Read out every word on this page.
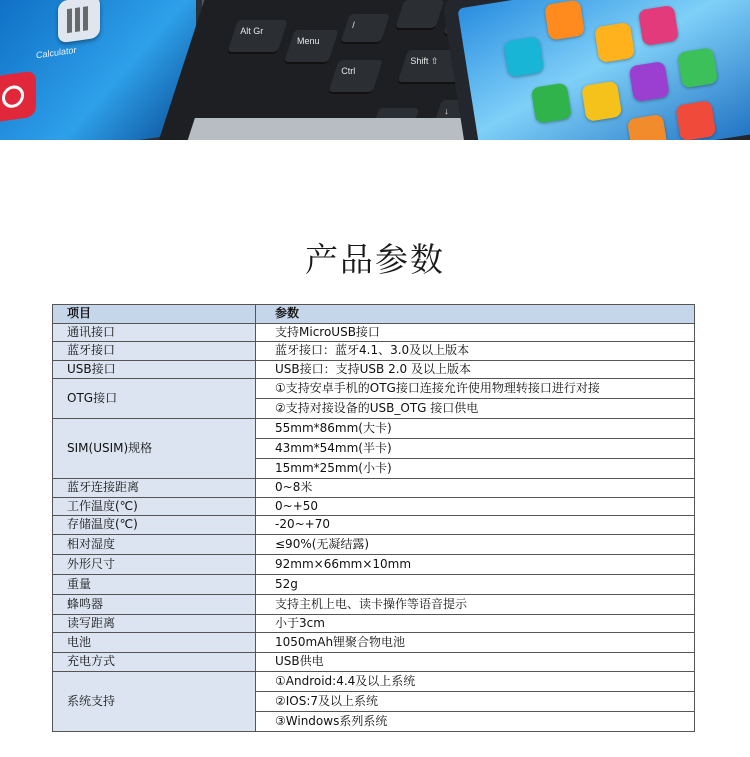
Calculator
Alt Gr
Menu
Ctrl
Shift ⇧
/
↓
产品参数
项目	参数
通讯接口	支持MicroUSB接口
蓝牙接口	蓝牙接口：蓝牙4.1、3.0及以上版本
USB接口	USB接口：支持USB 2.0 及以上版本
OTG接口	①支持安卓手机的OTG接口连接允许使用物理转接口进行对接
	②支持对接设备的USB_OTG 接口供电
SIM(USIM)规格	55mm*86mm(大卡)
	43mm*54mm(半卡)
	15mm*25mm(小卡)
蓝牙连接距离	0~8米
工作温度(℃)	0~+50
存储温度(℃)	-20~+70
相对湿度	≤90%(无凝结露)
外形尺寸	92mm×66mm×10mm
重量	52g
蜂鸣器	支持主机上电、读卡操作等语音提示
读写距离	小于3cm
电池	1050mAh锂聚合物电池
充电方式	USB供电
系统支持	①Android:4.4及以上系统
	②IOS:7及以上系统
	③Windows系列系统
